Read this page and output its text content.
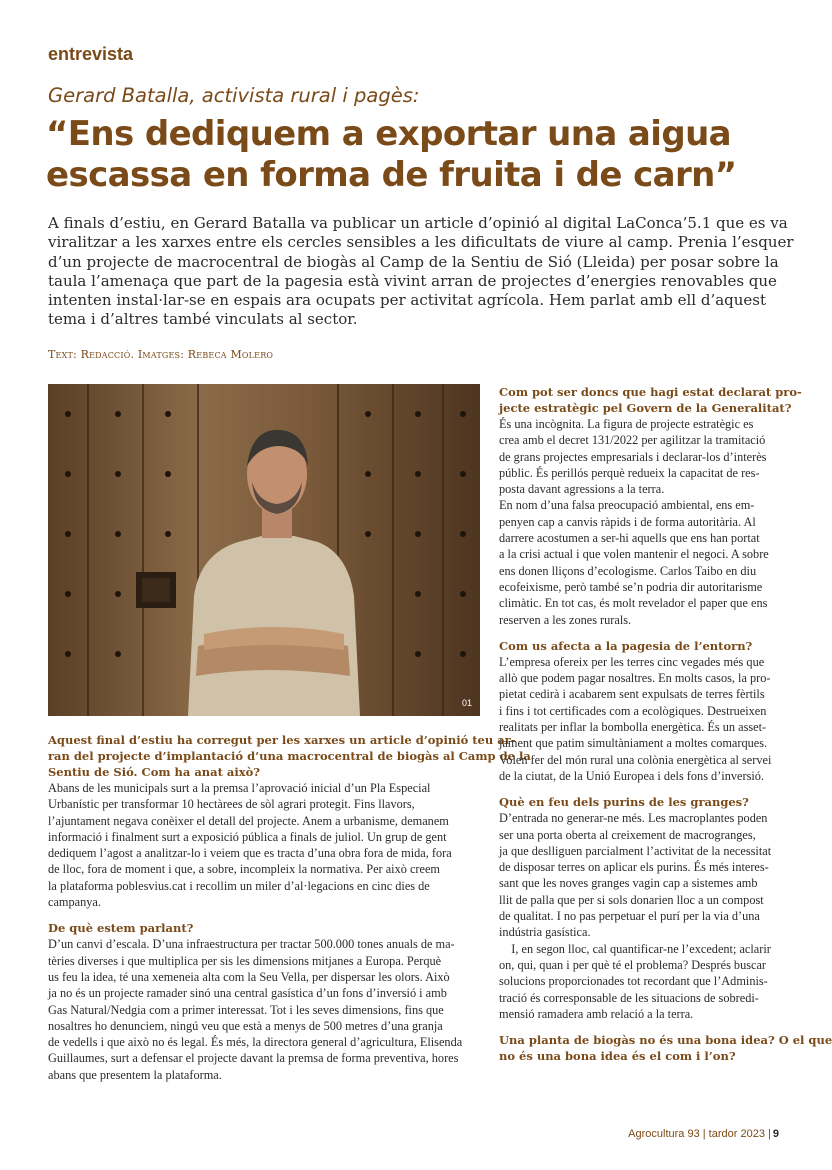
entrevista
Gerard Batalla, activista rural i pagès:
“Ens dediquem a exportar una aigua
escassa en forma de fruita i de carn”
A finals d’estiu, en Gerard Batalla va publicar un article d’opinió al digital LaConca’5.1 que es va
viralitzar a les xarxes entre els cercles sensibles a les dificultats de viure al camp. Prenia l’esquer
d’un projecte de macrocentral de biogàs al Camp de la Sentiu de Sió (Lleida) per posar sobre la
taula l’amenaça que part de la pagesia està vivint arran de projectes d’energies renovables que
intenten instal·lar-se en espais ara ocupats per activitat agrícola. Hem parlat amb ell d’aquest
tema i d’altres també vinculats al sector.
Text: Redacció. Imatges: Rebeca Molero
01
Aquest final d’estiu ha corregut per les xarxes un article d’opinió teu ar-
ran del projecte d’implantació d’una macrocentral de biogàs al Camp de la
Sentiu de Sió. Com ha anat això?
Abans de les municipals surt a la premsa l’aprovació inicial d’un Pla Especial
Urbanístic per transformar 10 hectàrees de sòl agrari protegit. Fins llavors,
l’ajuntament negava conèixer el detall del projecte. Anem a urbanisme, demanem
informació i finalment surt a exposició pública a finals de juliol. Un grup de gent
dediquem l’agost a analitzar-lo i veiem que es tracta d’una obra fora de mida, fora
de lloc, fora de moment i que, a sobre, incompleix la normativa. Per això creem
la plataforma poblesvius.cat i recollim un miler d’al·legacions en cinc dies de
campanya.
De què estem parlant?
D’un canvi d’escala. D’una infraestructura per tractar 500.000 tones anuals de ma-
tèries diverses i que multiplica per sis les dimensions mitjanes a Europa. Perquè
us feu la idea, té una xemeneia alta com la Seu Vella, per dispersar les olors. Això
ja no és un projecte ramader sinó una central gasística d’un fons d’inversió i amb
Gas Natural/Nedgia com a primer interessat. Tot i les seves dimensions, fins que
nosaltres ho denunciem, ningú veu que està a menys de 500 metres d’una granja
de vedells i que això no és legal. És més, la directora general d’agricultura, Elisenda
Guillaumes, surt a defensar el projecte davant la premsa de forma preventiva, hores
abans que presentem la plataforma.
Com pot ser doncs que hagi estat declarat pro-
jecte estratègic pel Govern de la Generalitat?
És una incògnita. La figura de projecte estratègic es
crea amb el decret 131/2022 per agilitzar la tramitació
de grans projectes empresarials i declarar-los d’interès
públic. És perillós perquè redueix la capacitat de res-
posta davant agressions a la terra.
En nom d’una falsa preocupació ambiental, ens em-
penyen cap a canvis ràpids i de forma autoritària. Al
darrere acostumen a ser-hi aquells que ens han portat
a la crisi actual i que volen mantenir el negoci. A sobre
ens donen lliçons d’ecologisme. Carlos Taibo en diu
ecofeixisme, però també se’n podria dir autoritarisme
climàtic. En tot cas, és molt revelador el paper que ens
reserven a les zones rurals.
Com us afecta a la pagesia de l’entorn?
L’empresa ofereix per les terres cinc vegades més que
allò que podem pagar nosaltres. En molts casos, la pro-
pietat cedirà i acabarem sent expulsats de terres fèrtils
i fins i tot certificades com a ecològiques. Destrueixen
realitats per inflar la bombolla energètica. És un asset-
jament que patim simultàniament a moltes comarques.
Volen fer del món rural una colònia energètica al servei
de la ciutat, de la Unió Europea i dels fons d’inversió.
Què en feu dels purins de les granges?
D’entrada no generar-ne més. Les macroplantes poden
ser una porta oberta al creixement de macrogranges,
ja que deslliguen parcialment l’activitat de la necessitat
de disposar terres on aplicar els purins. És més interes-
sant que les noves granges vagin cap a sistemes amb
llit de palla que per si sols donarien lloc a un compost
de qualitat. I no pas perpetuar el purí per la via d’una
indústria gasística.
I, en segon lloc, cal quantificar-ne l’excedent; aclarir
on, qui, quan i per què té el problema? Després buscar
solucions proporcionades tot recordant que l’Adminis-
tració és corresponsable de les situacions de sobredi-
mensió ramadera amb relació a la terra.
Una planta de biogàs no és una bona idea? O el que
no és una bona idea és el com i l’on?
Agrocultura 93 | tardor 2023 | 9
